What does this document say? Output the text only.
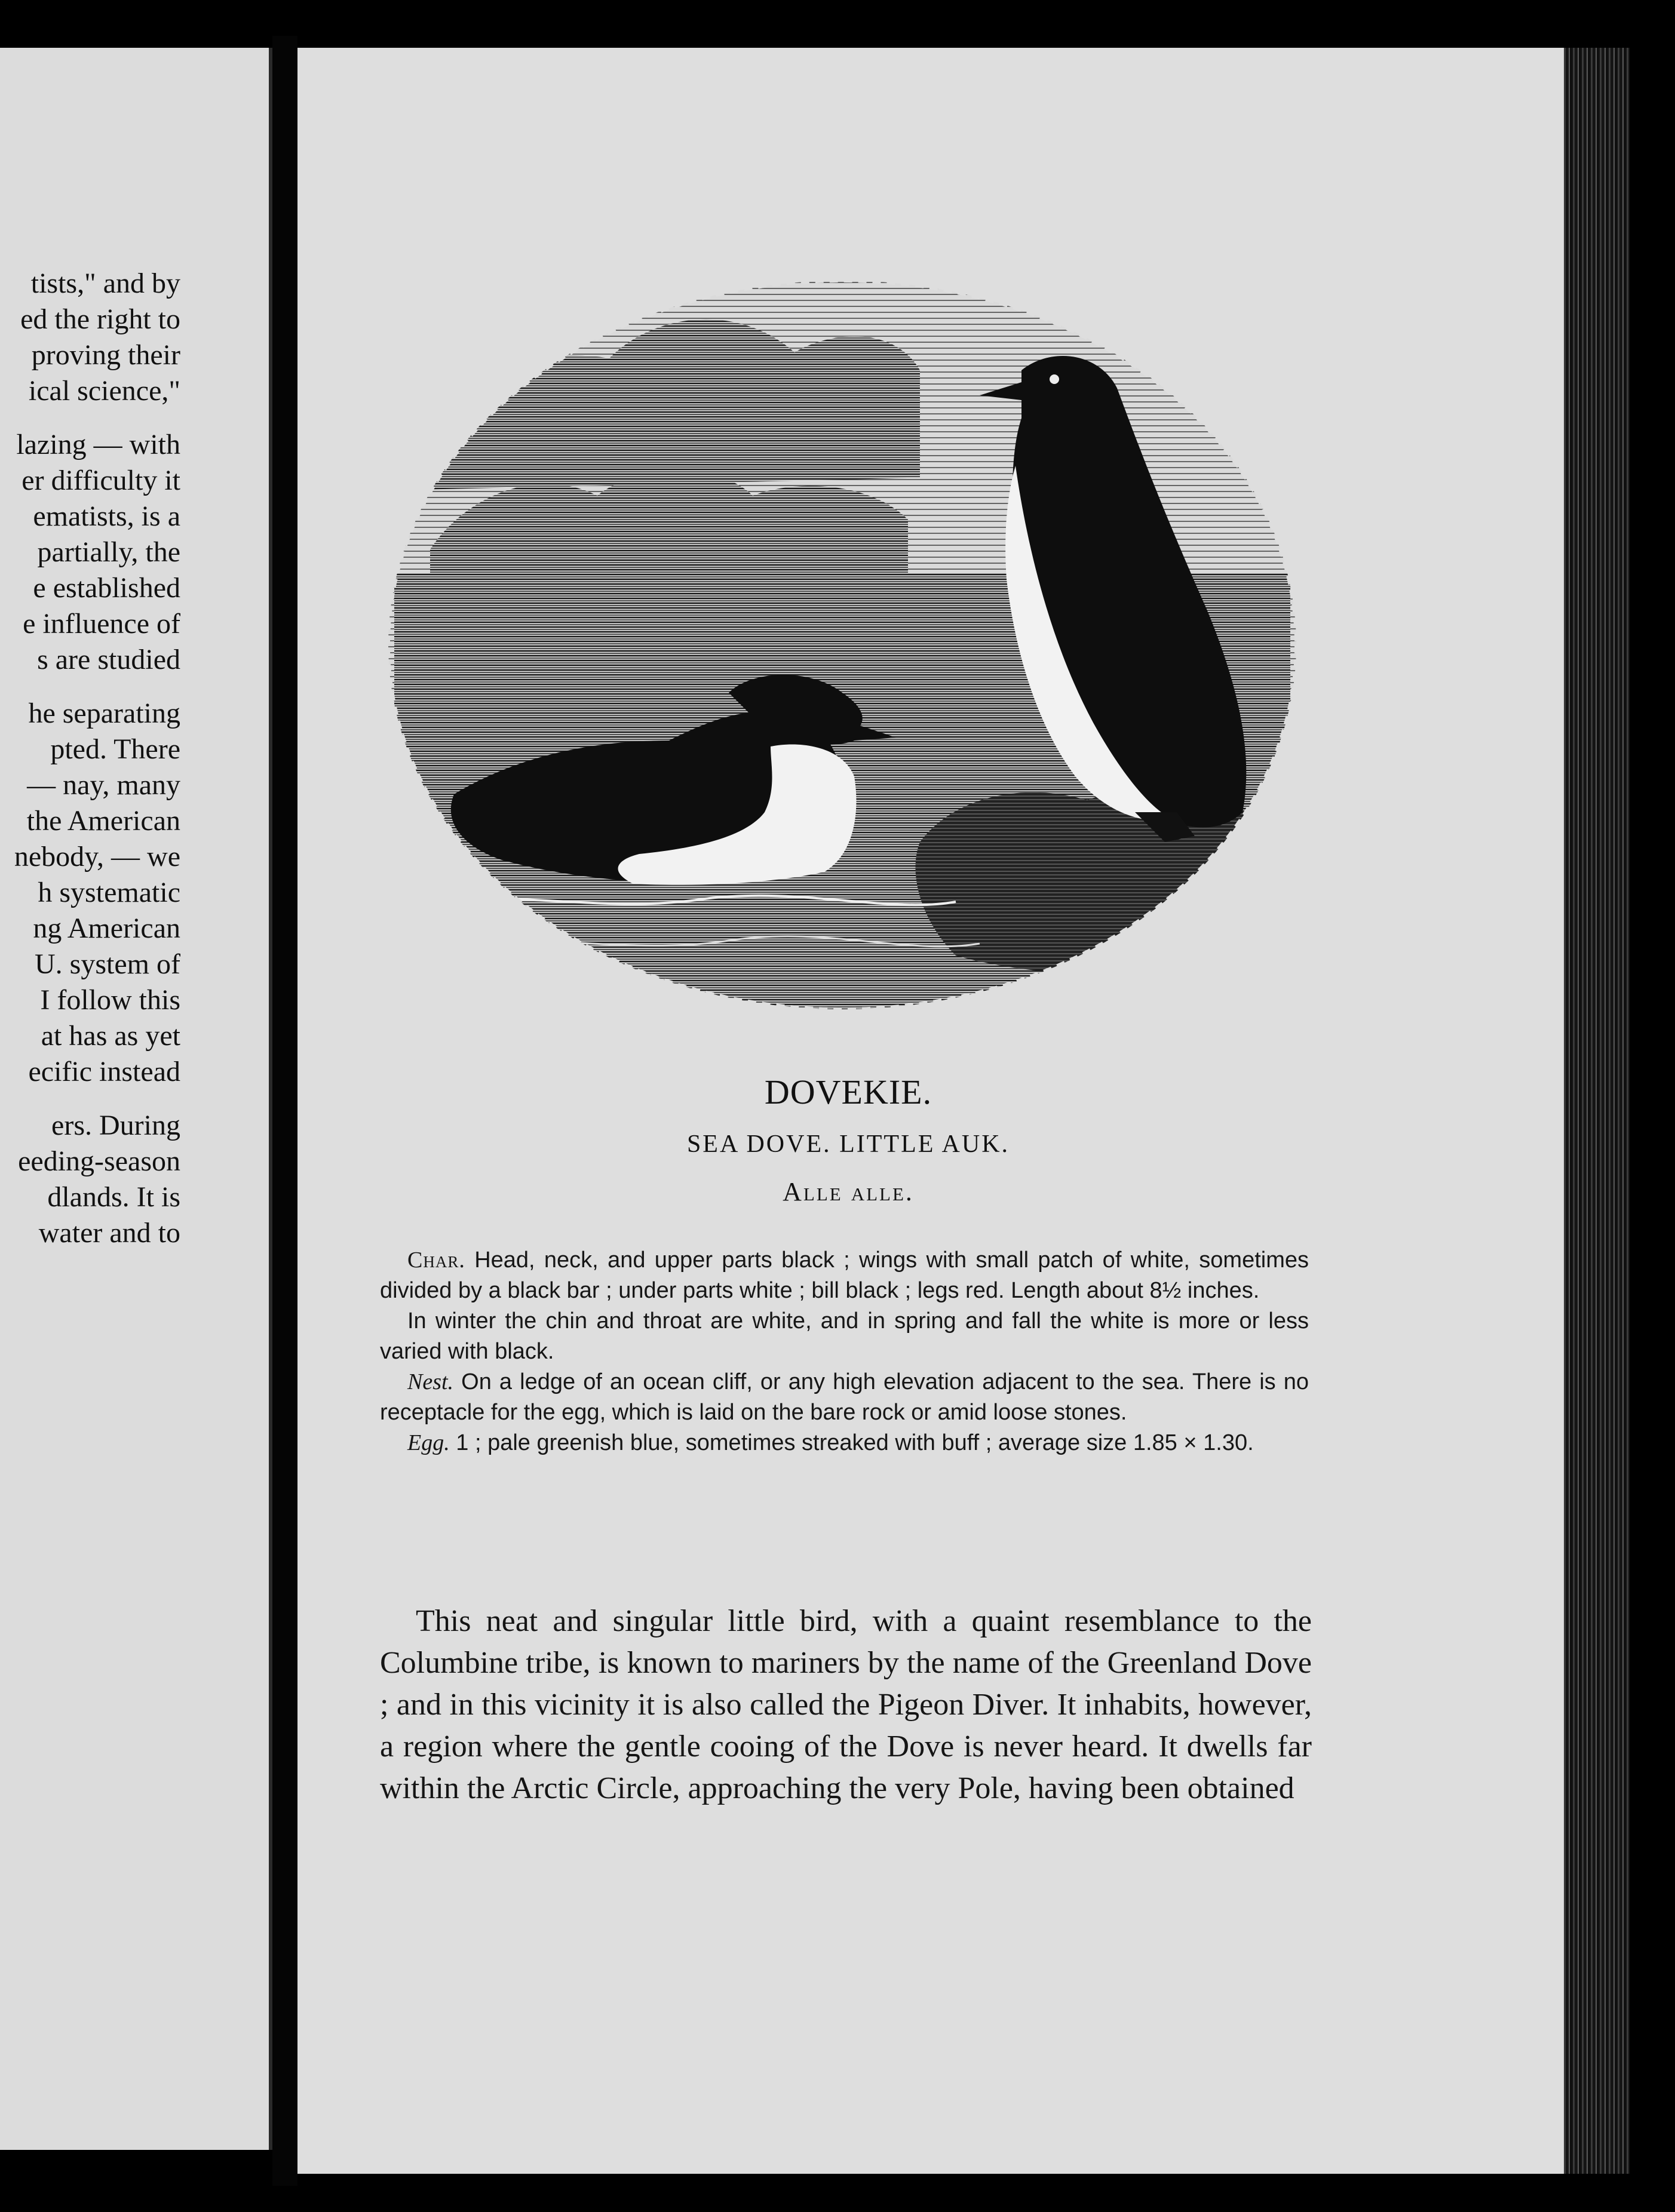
tists," and by
ed the right to
proving their
ical science,"
lazing — with
er difficulty it
ematists, is a
partially, the
e established
e influence of
s are studied
he separating
pted. There
— nay, many
the American
nebody, — we
h systematic
ng American
U. system of
I follow this
at has as yet
ecific instead
ers. During
eeding-season
dlands. It is
water and to
DOVEKIE.
SEA DOVE. LITTLE AUK.
Alle alle.

Char. Head, neck, and upper parts black ; wings with small patch of white, sometimes divided by a black bar ; under parts white ; bill black ; legs red. Length about 8½ inches.

In winter the chin and throat are white, and in spring and fall the white is more or less varied with black.

Nest. On a ledge of an ocean cliff, or any high elevation adjacent to the sea. There is no receptacle for the egg, which is laid on the bare rock or amid loose stones.

Egg. 1 ; pale greenish blue, sometimes streaked with buff ; average size 1.85 × 1.30.

This neat and singular little bird, with a quaint resemblance to the Columbine tribe, is known to mariners by the name of the Greenland Dove ; and in this vicinity it is also called the Pigeon Diver. It inhabits, however, a region where the gentle cooing of the Dove is never heard. It dwells far within the Arctic Circle, approaching the very Pole, having been obtained
